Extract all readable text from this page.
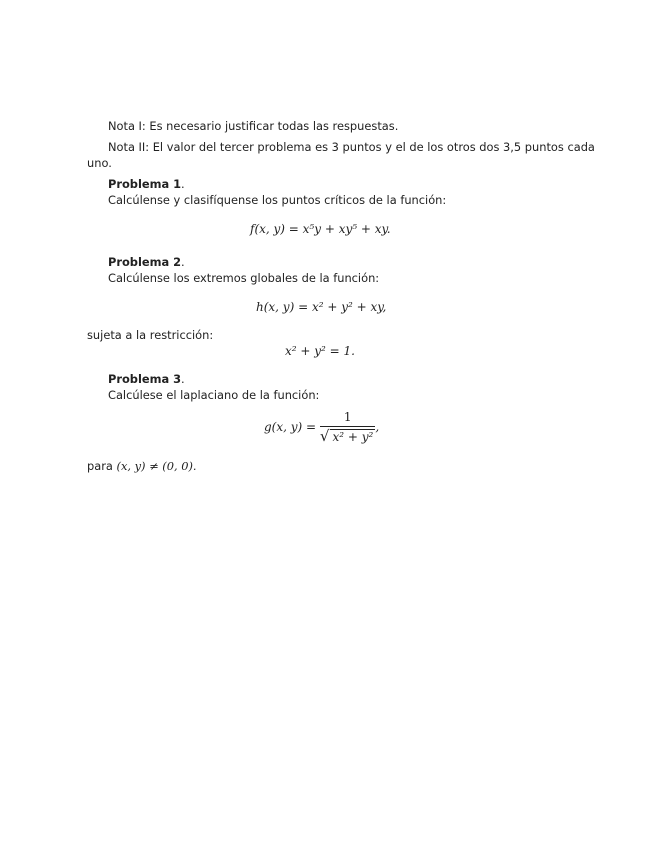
Nota I: Es necesario justificar todas las respuestas.
Nota II: El valor del tercer problema es 3 puntos y el de los otros dos 3,5 puntos cada
uno.
Problema 1.
Calcúlense y clasifíquense los puntos críticos de la función:
f(x, y) = x⁵y + xy⁵ + xy.
Problema 2.
Calcúlense los extremos globales de la función:
h(x, y) = x² + y² + xy,
sujeta a la restricción:
x² + y² = 1.
Problema 3.
Calcúlese el laplaciano de la función:
g(x, $y) = \frac{1}{\text{√ x² + y²}}$ ,
para (x, y) ≠ (0, 0).
